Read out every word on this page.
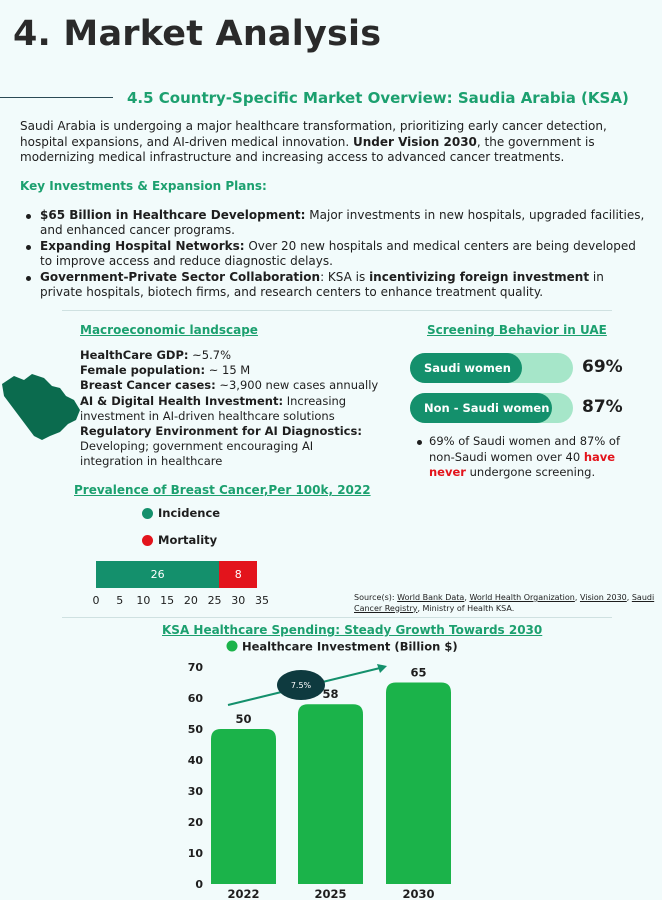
4. Market Analysis
4.5 Country-Specific Market Overview: Saudia Arabia (KSA)

Saudi Arabia is undergoing a major healthcare transformation, prioritizing early cancer detection, hospital expansions, and AI-driven medical innovation. Under Vision 2030, the government is modernizing medical infrastructure and increasing access to advanced cancer treatments.

Key Investments & Expansion Plans:
$65 Billion in Healthcare Development: Major investments in new hospitals, upgraded facilities, and enhanced cancer programs.
Expanding Hospital Networks: Over 20 new hospitals and medical centers are being developed to improve access and reduce diagnostic delays.
Government-Private Sector Collaboration: KSA is incentivizing foreign investment in private hospitals, biotech firms, and research centers to enhance treatment quality.
Macroeconomic landscape
HealthCare GDP: ~5.7%
Female population: ~ 15 M
Breast Cancer cases: ~3,900 new cases annually
AI & Digital Health Investment: Increasing investment in AI-driven healthcare solutions
Regulatory Environment for AI Diagnostics: Developing; government encouraging AI integration in healthcare
Screening Behavior in UAE
Saudi women	69%
Non - Saudi women 87%
69% of Saudi women and 87% of non-Saudi women over 40 have never undergone screening.
Prevalence of Breast Cancer,Per 100k, 2022
Incidence
Mortality
26	8
0	5	10 15 20 25 30 35	Source(s): World Bank Data, World Health Organization, Vision 2030, Saudi Cancer Registry, Ministry of Health KSA.
KSA Healthcare Spending: Steady Growth Towards 2030
Healthcare Investment (Billion $)
0
10
20
30
40
50
60
70
50
2022
58
2025
65
2030
7.5%
